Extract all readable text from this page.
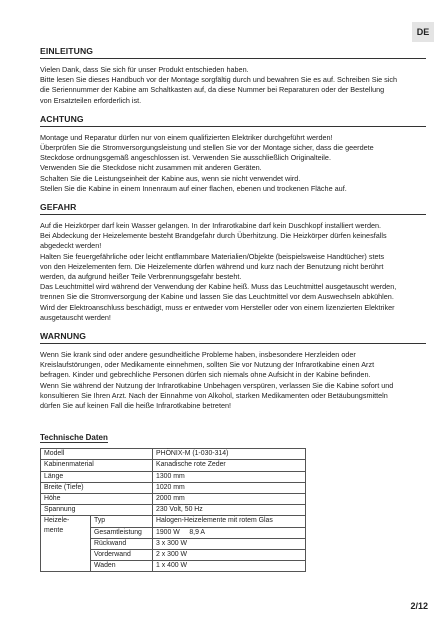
DE

EINLEITUNG

Vielen Dank, dass Sie sich für unser Produkt entschieden haben.
Bitte lesen Sie dieses Handbuch vor der Montage sorgfältig durch und bewahren Sie es auf. Schreiben Sie sich
die Seriennummer der Kabine am Schaltkasten auf, da diese Nummer bei Reparaturen oder der Bestellung
von Ersatzteilen erforderlich ist.

ACHTUNG

Montage und Reparatur dürfen nur von einem qualifizierten Elektriker durchgeführt werden!
Überprüfen Sie die Stromversorgungsleistung und stellen Sie vor der Montage sicher, dass die geerdete
Steckdose ordnungsgemäß angeschlossen ist. Verwenden Sie ausschließlich Originalteile.
Verwenden Sie die Steckdose nicht zusammen mit anderen Geräten.
Schalten Sie die Leistungseinheit der Kabine aus, wenn sie nicht verwendet wird.
Stellen Sie die Kabine in einem Innenraum auf einer flachen, ebenen und trockenen Fläche auf.

GEFAHR

Auf die Heizkörper darf kein Wasser gelangen. In der Infrarotkabine darf kein Duschkopf installiert werden.
Bei Abdeckung der Heizelemente besteht Brandgefahr durch Überhitzung. Die Heizkörper dürfen keinesfalls
abgedeckt werden!
Halten Sie feuergefährliche oder leicht entflammbare Materialien/Objekte (beispielsweise Handtücher) stets
von den Heizelementen fern. Die Heizelemente dürfen während und kurz nach der Benutzung nicht berührt
werden, da aufgrund heißer Teile Verbrennungsgefahr besteht.
Das Leuchtmittel wird während der Verwendung der Kabine heiß. Muss das Leuchtmittel ausgetauscht werden,
trennen Sie die Stromversorgung der Kabine und lassen Sie das Leuchtmittel vor dem Auswechseln abkühlen.
Wird der Elektroanschluss beschädigt, muss er entweder vom Hersteller oder von einem lizenzierten Elektriker
ausgetauscht werden!

WARNUNG

Wenn Sie krank sind oder andere gesundheitliche Probleme haben, insbesondere Herzleiden oder
Kreislaufstörungen, oder Medikamente einnehmen, sollten Sie vor Nutzung der Infrarotkabine einen Arzt
befragen. Kinder und gebrechliche Personen dürfen sich niemals ohne Aufsicht in der Kabine befinden.
Wenn Sie während der Nutzung der Infrarotkabine Unbehagen verspüren, verlassen Sie die Kabine sofort und
konsultieren Sie Ihren Arzt. Nach der Einnahme von Alkohol, starken Medikamenten oder Betäubungsmitteln
dürfen Sie auf keinen Fall die heiße Infrarotkabine betreten!

Technische Daten
Modell		PHÖNIX-M (1-030-314)
Kabinenmaterial		Kanadische rote Zeder
Länge		1300 mm
Breite (Tiefe)		1020 mm
Höhe		2000 mm
Spannung		230 Volt, 50 Hz
Heizele-
mente	Typ	Halogen-Heizelemente mit rotem Glas
	Gesamtleistung	1900 W     8,9 A
	Rückwand	3 x 300 W
	Vorderwand	2 x 300 W
	Waden	1 x 400 W
2/12
